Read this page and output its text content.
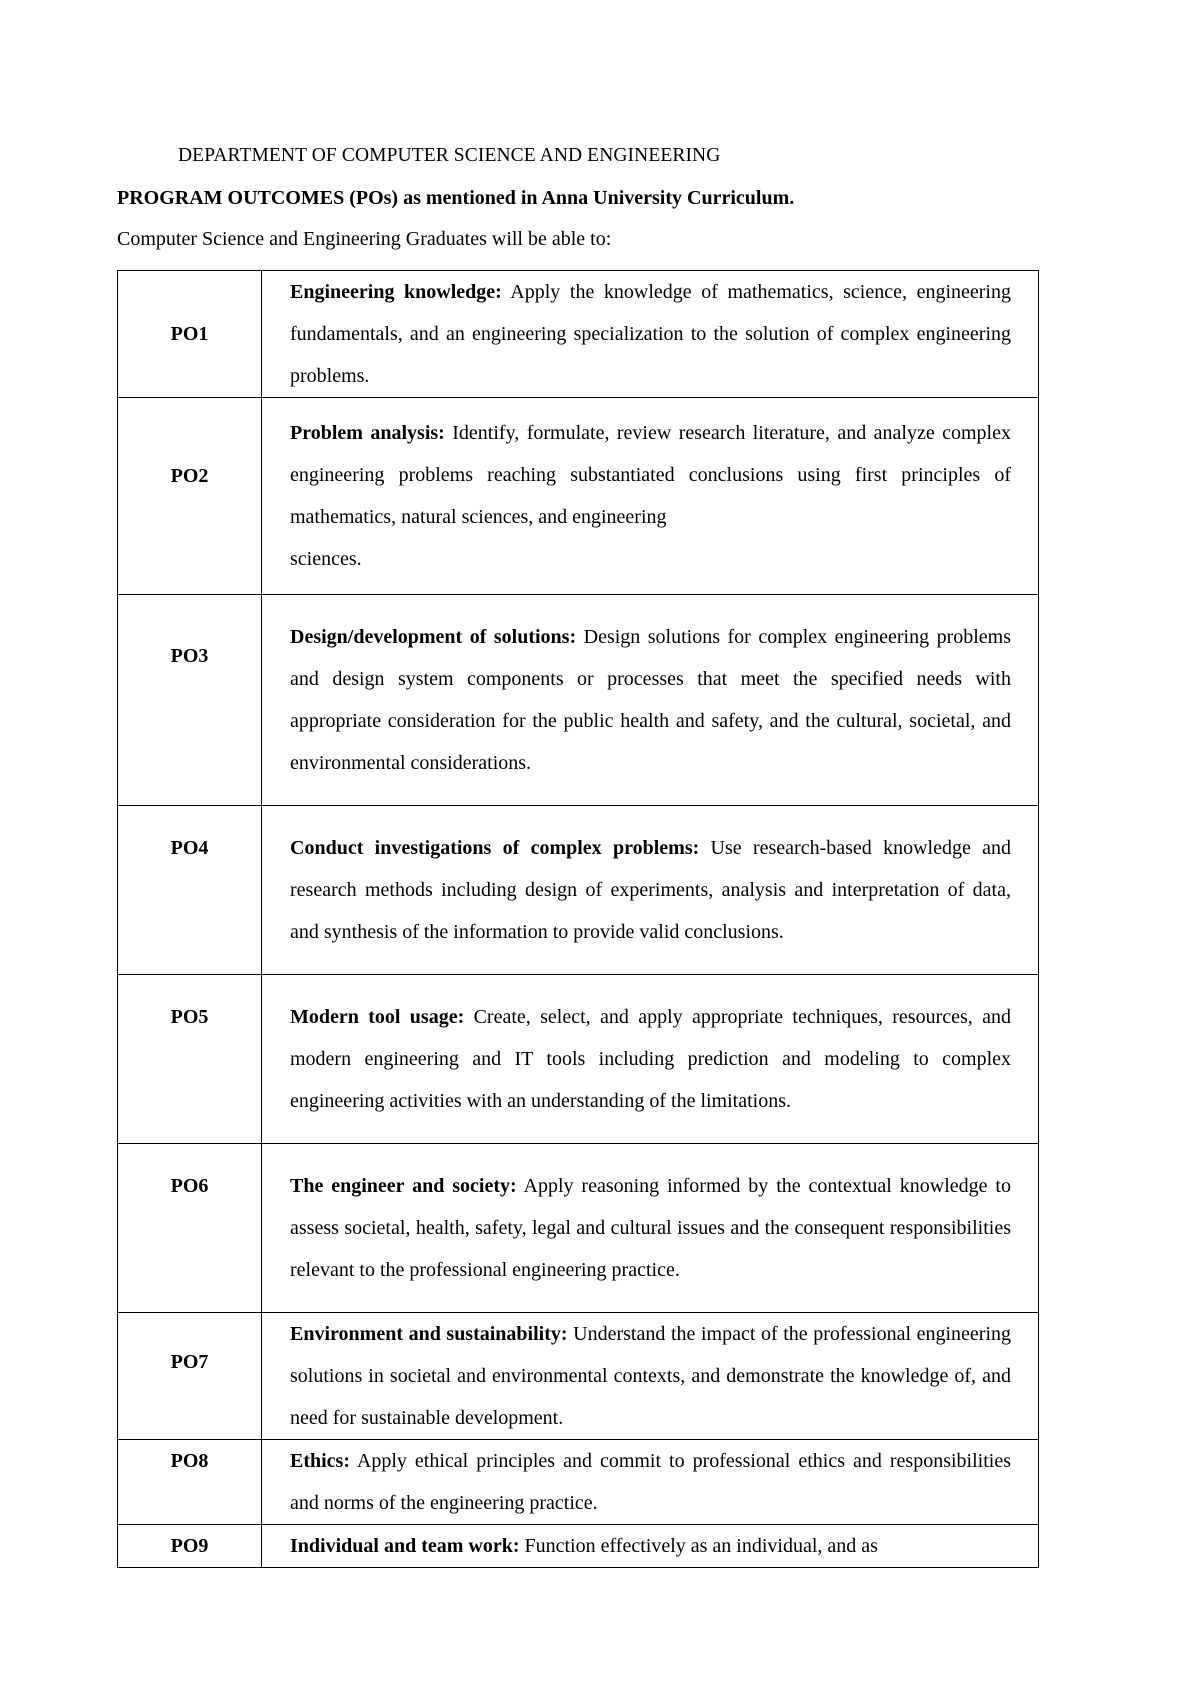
DEPARTMENT OF COMPUTER SCIENCE AND ENGINEERING
PROGRAM OUTCOMES (POs) as mentioned in Anna University Curriculum.
Computer Science and Engineering Graduates will be able to:
PO1	Engineering knowledge: Apply the knowledge of mathematics, science, engineering fundamentals, and an engineering specialization to the solution of complex engineering problems.
PO2	Problem analysis: Identify, formulate, review research literature, and analyze complex engineering problems reaching substantiated conclusions using first principles of mathematics, natural sciences, and engineering
sciences.
PO3	Design/development of solutions: Design solutions for complex engineering problems and design system components or processes that meet the specified needs with appropriate consideration for the public health and safety, and the cultural, societal, and environmental considerations.
PO4	Conduct investigations of complex problems: Use research-based knowledge and research methods including design of experiments, analysis and interpretation of data, and synthesis of the information to provide valid conclusions.
PO5	Modern tool usage: Create, select, and apply appropriate techniques, resources, and modern engineering and IT tools including prediction and modeling to complex engineering activities with an understanding of the limitations.
PO6	The engineer and society: Apply reasoning informed by the contextual knowledge to assess societal, health, safety, legal and cultural issues and the consequent responsibilities relevant to the professional engineering practice.
PO7	Environment and sustainability: Understand the impact of the professional engineering solutions in societal and environmental contexts, and demonstrate the knowledge of, and need for sustainable development.
PO8	Ethics: Apply ethical principles and commit to professional ethics and responsibilities and norms of the engineering practice.
PO9	Individual and team work: Function effectively as an individual, and as
